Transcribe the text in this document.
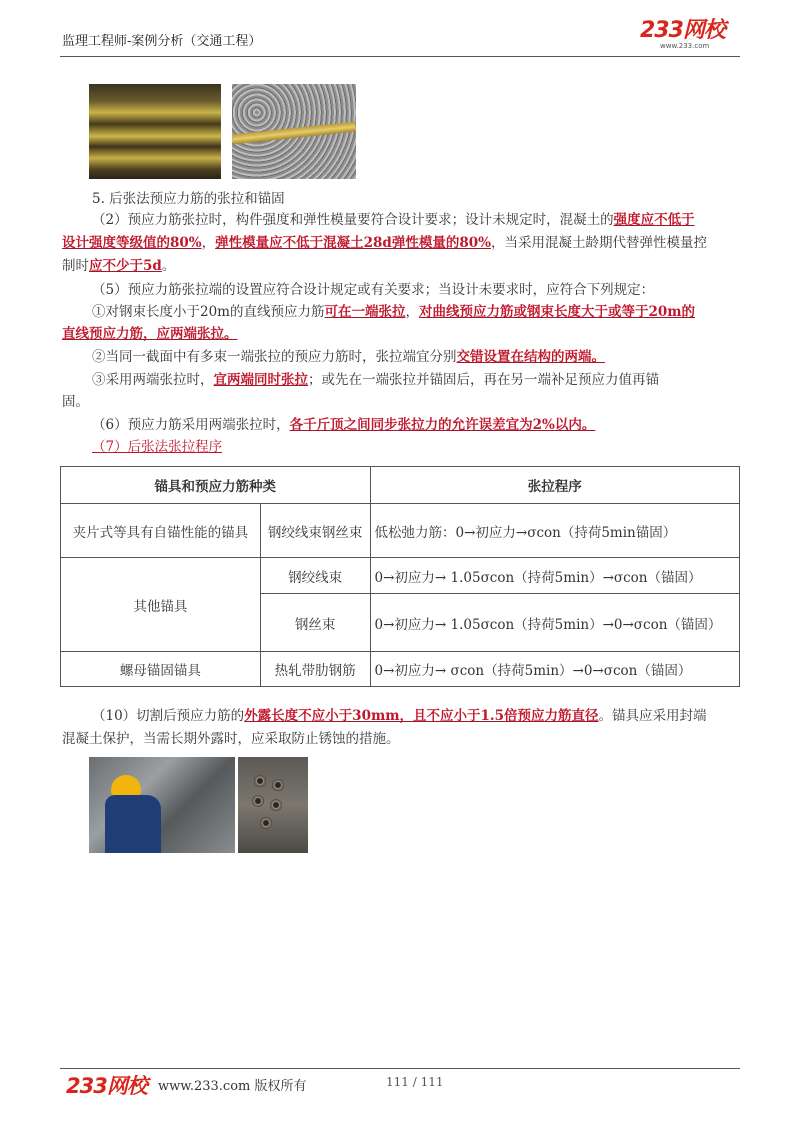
监理工程师-案例分析（交通工程）	233网校
www.233.com
5. 后张法预应力筋的张拉和锚固
（2）预应力筋张拉时，构件强度和弹性模量要符合设计要求；设计未规定时，混凝土的强度应不低于
设计强度等级值的80%，弹性模量应不低于混凝土28d弹性模量的80%，当采用混凝土龄期代替弹性模量控
制时应不少于5d。
（5）预应力筋张拉端的设置应符合设计规定或有关要求；当设计未要求时，应符合下列规定：
①对钢束长度小于20m的直线预应力筋可在一端张拉，对曲线预应力筋或钢束长度大于或等于20m的
直线预应力筋，应两端张拉。
②当同一截面中有多束一端张拉的预应力筋时，张拉端宜分别交错设置在结构的两端。
③采用两端张拉时，宜两端同时张拉；或先在一端张拉并锚固后，再在另一端补足预应力值再锚
固。
（6）预应力筋采用两端张拉时，各千斤顶之间同步张拉力的允许误差宜为2%以内。
（7）后张法张拉程序
锚具和预应力筋种类		张拉程序
夹片式等具有自锚性能的锚具	钢绞线束钢丝束	低松弛力筋：0→初应力→σcon（持荷5min锚固）
其他锚具	钢绞线束	0→初应力→ 1.05σcon（持荷5min）→σcon（锚固）
	钢丝束	0→初应力→ 1.05σcon（持荷5min）→0→σcon（锚固）
螺母锚固锚具	热轧带肋钢筋	0→初应力→ σcon（持荷5min）→0→σcon（锚固）
（10）切割后预应力筋的外露长度不应小于30mm，且不应小于1.5倍预应力筋直径。锚具应采用封端
混凝土保护，当需长期外露时，应采取防止锈蚀的措施。
233网校 www.233.com 版权所有	111 / 111
